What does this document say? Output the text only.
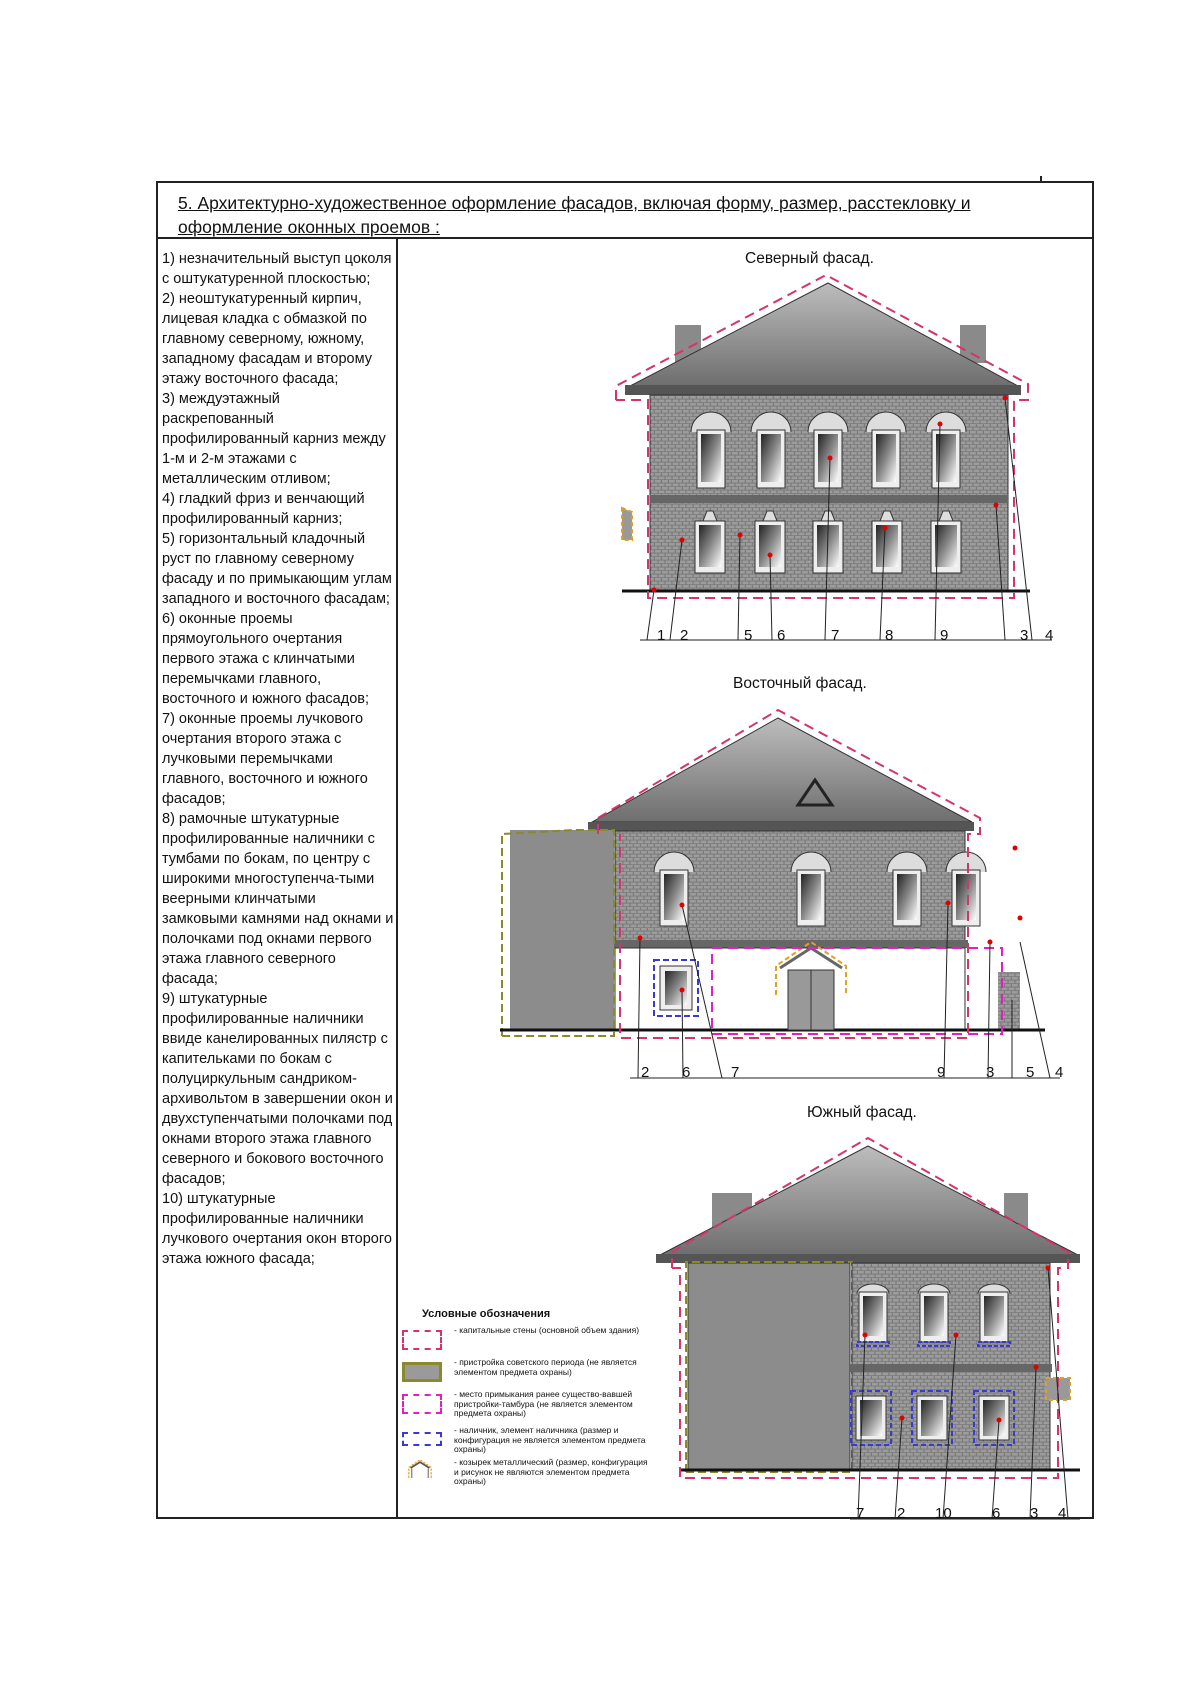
5. Архитектурно-художественное оформление фасадов, включая форму, размер, расстекловку и оформление оконных проемов :

1) незначительный выступ цоколя с оштукатуренной плоскостью;

2) неоштукатуренный кирпич, лицевая кладка с обмазкой по главному северному, южному, западному фасадам и второму этажу восточного фасада;

3) междуэтажный раскрепованный профилированный карниз между 1-м и 2-м этажами с металлическим отливом;

4) гладкий фриз и венчающий профилированный карниз;

5) горизонтальный кладочный руст по главному северному фасаду и по примыкающим углам западного и восточного фасадам;

6) оконные проемы прямоугольного очертания первого этажа с клинчатыми перемычками главного, восточного и южного фасадов;

7) оконные проемы лучкового очертания второго этажа с лучковыми перемычками главного, восточного и южного фасадов;

8) рамочные штукатурные профилированные наличники с тумбами по бокам, по центру с широкими многоступенча-тыми веерными клинчатыми замковыми камнями над окнами и полочками под окнами первого этажа главного северного фасада;

9) штукатурные профилированные наличники ввиде канелированных пилястр с капительками по бокам с полуциркульным сандриком-архивольтом в завершении окон и двухступенчатыми полочками под окнами второго этажа главного северного и бокового восточного фасадов;

10) штукатурные профилированные наличники лучкового очертания окон второго этажа южного фасада;

Северный фасад.
Восточный фасад.
Южный фасад.
1 2	5 6	7	8	9	3 4
2 6	7	9	3 5 4
7 2 10	6 3 4
Условные обозначения
- капитальные стены (основной объем здания)
- пристройка советского периода (не является элементом предмета охраны)
- место примыкания ранее существо-вавшей пристройки-тамбура (не является элементом предмета охраны)
- наличник, элемент наличника (размер и конфигурация не является элементом предмета охраны)
- козырек металлический (размер, конфигурация и рисунок не являются элементом предмета охраны)
